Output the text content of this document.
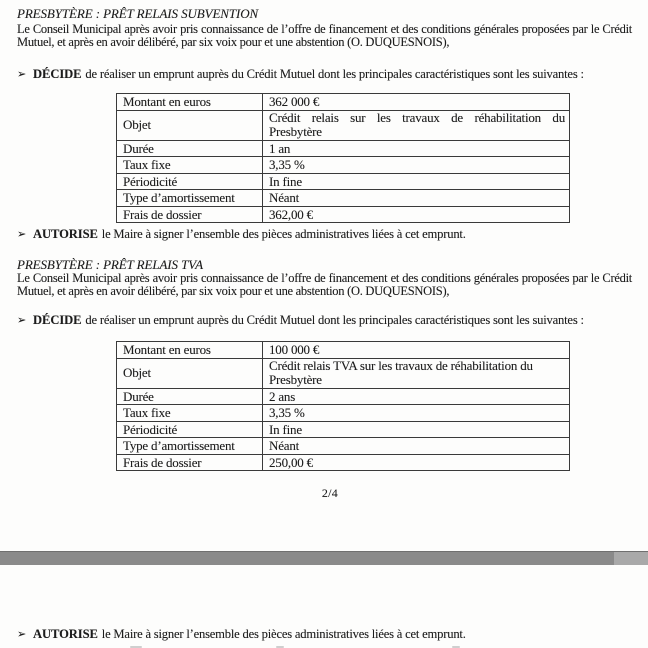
PRESBYTÈRE : PRÊT RELAIS SUBVENTION
Le Conseil Municipal après avoir pris connaissance de l’offre de financement et des conditions générales proposées par le Crédit Mutuel, et après en avoir délibéré, par six voix pour et une abstention (O. DUQUESNOIS),
➢ DÉCIDE de réaliser un emprunt auprès du Crédit Mutuel dont les principales caractéristiques sont les suivantes :
Montant en euros	362 000 €
Objet	Crédit relais sur les travaux de réhabilitation du
Presbytère

Durée	1 an
Taux fixe	3,35 %
Périodicité	In fine
Type d’amortissement	Néant
Frais de dossier	362,00 €
➢ AUTORISE le Maire à signer l’ensemble des pièces administratives liées à cet emprunt.
PRESBYTÈRE : PRÊT RELAIS TVA
Le Conseil Municipal après avoir pris connaissance de l’offre de financement et des conditions générales proposées par le Crédit Mutuel, et après en avoir délibéré, par six voix pour et une abstention (O. DUQUESNOIS),
➢ DÉCIDE de réaliser un emprunt auprès du Crédit Mutuel dont les principales caractéristiques sont les suivantes :
Montant en euros	100 000 €
Objet	Crédit relais TVA sur les travaux de réhabilitation du
Presbytère

Durée	2 ans
Taux fixe	3,35 %
Périodicité	In fine
Type d’amortissement	Néant
Frais de dossier	250,00 €
2/4
➢ AUTORISE le Maire à signer l’ensemble des pièces administratives liées à cet emprunt.
